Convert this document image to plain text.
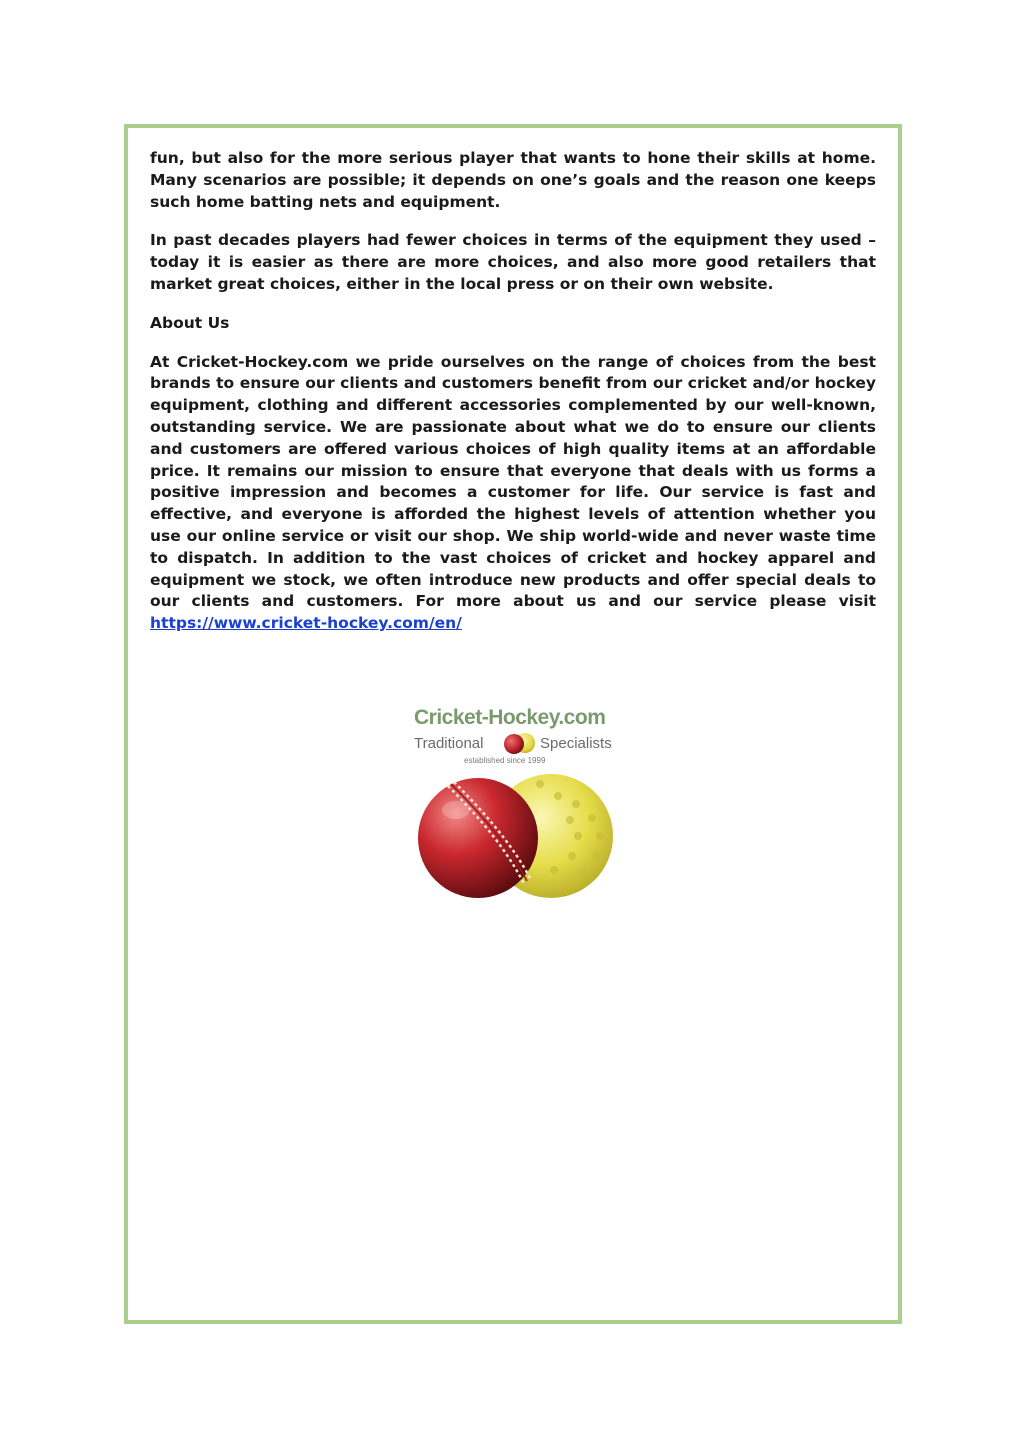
fun, but also for the more serious player that wants to hone their skills at home. Many scenarios are possible; it depends on one’s goals and the reason one keeps such home batting nets and equipment.

In past decades players had fewer choices in terms of the equipment they used – today it is easier as there are more choices, and also more good retailers that market great choices, either in the local press or on their own website.

About Us

At Cricket-Hockey.com we pride ourselves on the range of choices from the best brands to ensure our clients and customers benefit from our cricket and/or hockey equipment, clothing and different accessories complemented by our well-known, outstanding service. We are passionate about what we do to ensure our clients and customers are offered various choices of high quality items at an affordable price. It remains our mission to ensure that everyone that deals with us forms a positive impression and becomes a customer for life. Our service is fast and effective, and everyone is afforded the highest levels of attention whether you use our online service or visit our shop. We ship world-wide and never waste time to dispatch. In addition to the vast choices of cricket and hockey apparel and equipment we stock, we often introduce new products and offer special deals to our clients and customers. For more about us and our service please visit https://www.cricket-hockey.com/en/

Cricket-Hockey.com
Traditional	Specialists
established since 1999
